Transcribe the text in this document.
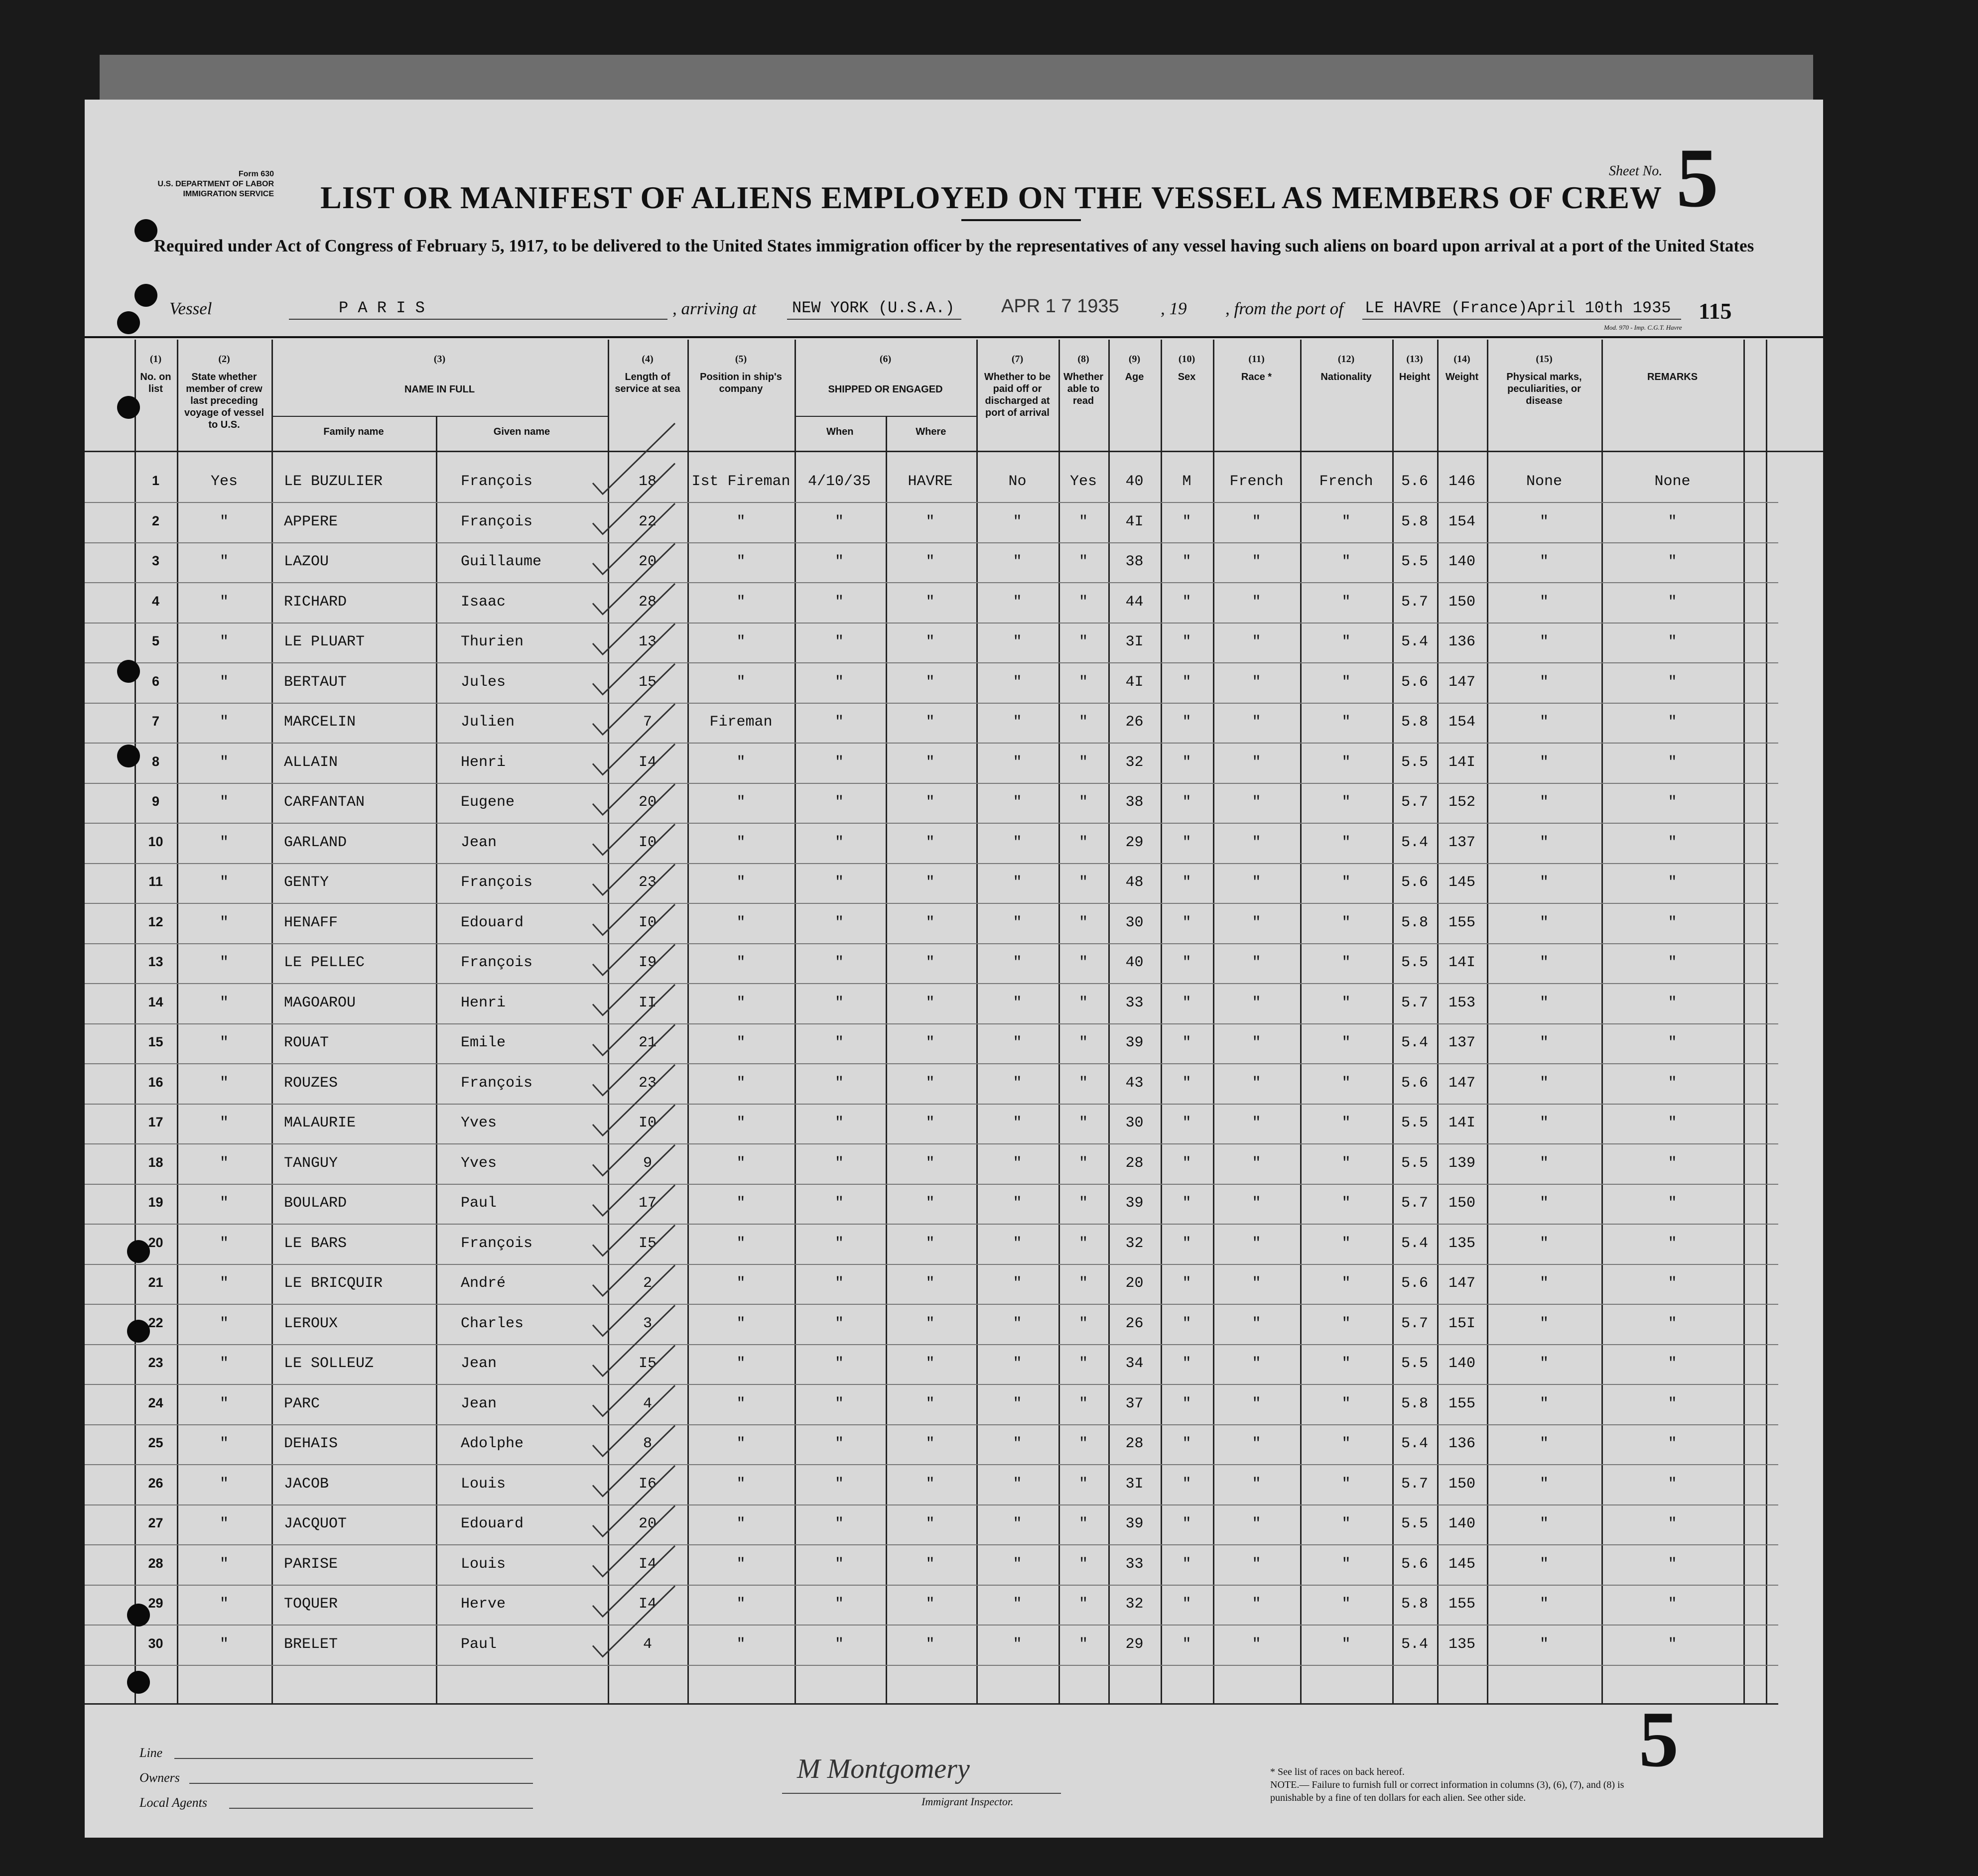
Form 630
U.S. DEPARTMENT OF LABOR
IMMIGRATION SERVICE	LIST OR MANIFEST OF ALIENS EMPLOYED ON THE VESSEL AS MEMBERS OF CREW
Sheet No. 5
Required under Act of Congress of February 5, 1917, to be delivered to the United States immigration officer by the representatives of any vessel having such aliens on board upon arrival at a port of the United States
Vessel	P A R I S	, arriving at NEW YORK (U.S.A.) APR 1 7 1935 , 19 , from the port of LE HAVRE (France)April 10th 1935 115
Mod. 970 - Imp. C.G.T. Havre
(1)
No. on list
(2)
State whether member of crew last preceding voyage of vessel to U.S.
(3)
NAME IN FULL
Family name	Given name
(4)
Length of service at sea
(5)
Position in ship's company
(6)
SHIPPED OR ENGAGED
When	Where
(7)
Whether to be paid off or discharged at port of arrival
(8)
Whether able to read
(9)
Age
(10)
Sex
(11)
Race *
(12)
Nationality
(13)
Height
(14)
Weight
(15)
Physical marks, peculiarities, or disease
REMARKS
1	Yes	LE BUZULIER	François	18	Ist Fireman	4/10/35	HAVRE	No	Yes	40	M	French	French	5.6	146	None	None
2	"	APPERE	François	22	"	"	"	"	"	4I	"	"	"	5.8	154	"	"
3	"	LAZOU	Guillaume	20	"	"	"	"	"	38	"	"	"	5.5	140	"	"
4	"	RICHARD	Isaac	28	"	"	"	"	"	44	"	"	"	5.7	150	"	"
5	"	LE PLUART	Thurien	13	"	"	"	"	"	3I	"	"	"	5.4	136	"	"
6	"	BERTAUT	Jules	15	"	"	"	"	"	4I	"	"	"	5.6	147	"	"
7	"	MARCELIN	Julien	7	Fireman	"	"	"	"	26	"	"	"	5.8	154	"	"
8	"	ALLAIN	Henri	I4	"	"	"	"	"	32	"	"	"	5.5	14I	"	"
9	"	CARFANTAN	Eugene	20	"	"	"	"	"	38	"	"	"	5.7	152	"	"
10	"	GARLAND	Jean	I0	"	"	"	"	"	29	"	"	"	5.4	137	"	"
11	"	GENTY	François	23	"	"	"	"	"	48	"	"	"	5.6	145	"	"
12	"	HENAFF	Edouard	I0	"	"	"	"	"	30	"	"	"	5.8	155	"	"
13	"	LE PELLEC	François	I9	"	"	"	"	"	40	"	"	"	5.5	14I	"	"
14	"	MAGOAROU	Henri	II	"	"	"	"	"	33	"	"	"	5.7	153	"	"
15	"	ROUAT	Emile	21	"	"	"	"	"	39	"	"	"	5.4	137	"	"
16	"	ROUZES	François	23	"	"	"	"	"	43	"	"	"	5.6	147	"	"
17	"	MALAURIE	Yves	I0	"	"	"	"	"	30	"	"	"	5.5	14I	"	"
18	"	TANGUY	Yves	9	"	"	"	"	"	28	"	"	"	5.5	139	"	"
19	"	BOULARD	Paul	17	"	"	"	"	"	39	"	"	"	5.7	150	"	"
20	"	LE BARS	François	I5	"	"	"	"	"	32	"	"	"	5.4	135	"	"
21	"	LE BRICQUIR	André	2	"	"	"	"	"	20	"	"	"	5.6	147	"	"
22	"	LEROUX	Charles	3	"	"	"	"	"	26	"	"	"	5.7	15I	"	"
23	"	LE SOLLEUZ	Jean	I5	"	"	"	"	"	34	"	"	"	5.5	140	"	"
24	"	PARC	Jean	4	"	"	"	"	"	37	"	"	"	5.8	155	"	"
25	"	DEHAIS	Adolphe	8	"	"	"	"	"	28	"	"	"	5.4	136	"	"
26	"	JACOB	Louis	I6	"	"	"	"	"	3I	"	"	"	5.7	150	"	"
27	"	JACQUOT	Edouard	20	"	"	"	"	"	39	"	"	"	5.5	140	"	"
28	"	PARISE	Louis	I4	"	"	"	"	"	33	"	"	"	5.6	145	"	"
29	"	TOQUER	Herve	I4	"	"	"	"	"	32	"	"	"	5.8	155	"	"
30	"	BRELET	Paul	4	"	"	"	"	"	29	"	"	"	5.4	135	"	"
Line
Owners
Local Agents
M Montgomery
Immigrant Inspector.
* See list of races on back hereof.
NOTE.— Failure to furnish full or correct information in columns (3), (6), (7), and (8) is punishable by a fine of ten dollars for each alien. See other side.
5
